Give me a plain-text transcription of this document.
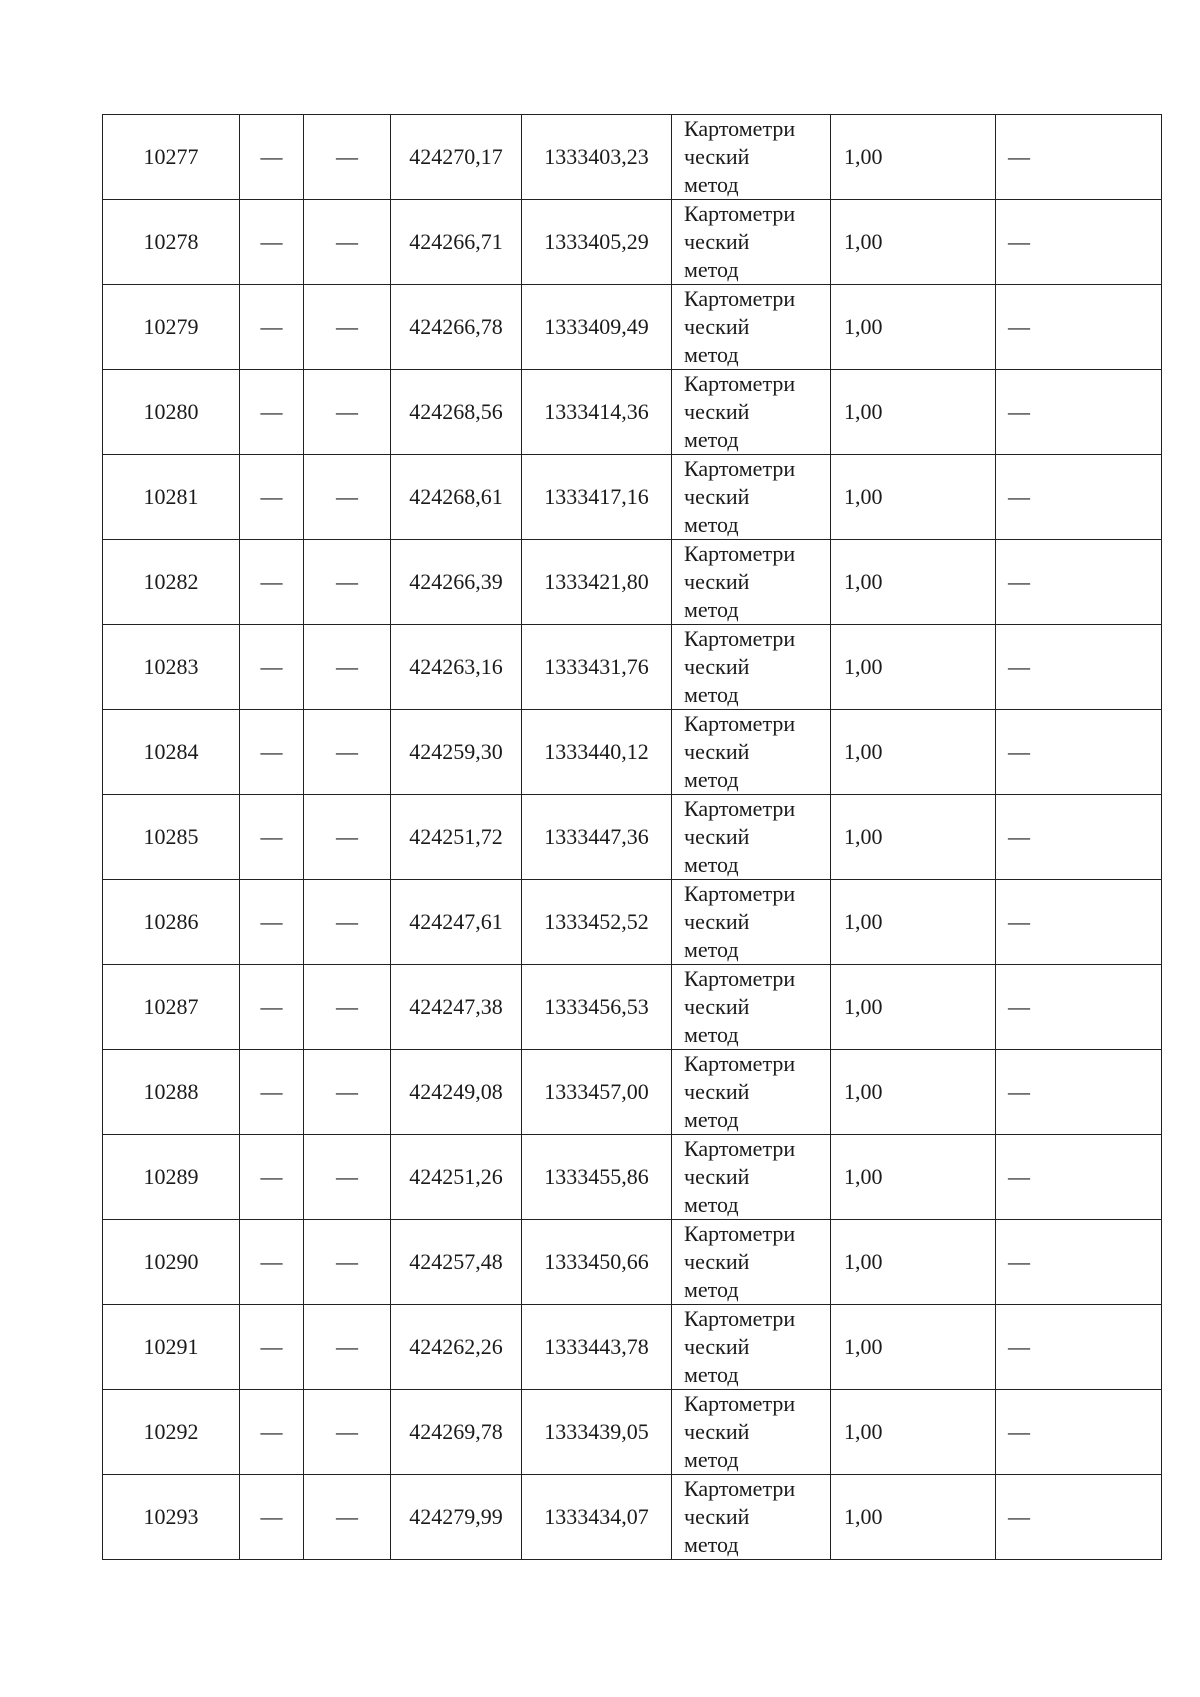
10277	—	—	424270,17	1333403,23	Картометри
ческий
метод	1,00	—
10278	—	—	424266,71	1333405,29	Картометри
ческий
метод	1,00	—
10279	—	—	424266,78	1333409,49	Картометри
ческий
метод	1,00	—
10280	—	—	424268,56	1333414,36	Картометри
ческий
метод	1,00	—
10281	—	—	424268,61	1333417,16	Картометри
ческий
метод	1,00	—
10282	—	—	424266,39	1333421,80	Картометри
ческий
метод	1,00	—
10283	—	—	424263,16	1333431,76	Картометри
ческий
метод	1,00	—
10284	—	—	424259,30	1333440,12	Картометри
ческий
метод	1,00	—
10285	—	—	424251,72	1333447,36	Картометри
ческий
метод	1,00	—
10286	—	—	424247,61	1333452,52	Картометри
ческий
метод	1,00	—
10287	—	—	424247,38	1333456,53	Картометри
ческий
метод	1,00	—
10288	—	—	424249,08	1333457,00	Картометри
ческий
метод	1,00	—
10289	—	—	424251,26	1333455,86	Картометри
ческий
метод	1,00	—
10290	—	—	424257,48	1333450,66	Картометри
ческий
метод	1,00	—
10291	—	—	424262,26	1333443,78	Картометри
ческий
метод	1,00	—
10292	—	—	424269,78	1333439,05	Картометри
ческий
метод	1,00	—
10293	—	—	424279,99	1333434,07	Картометри
ческий
метод	1,00	—
